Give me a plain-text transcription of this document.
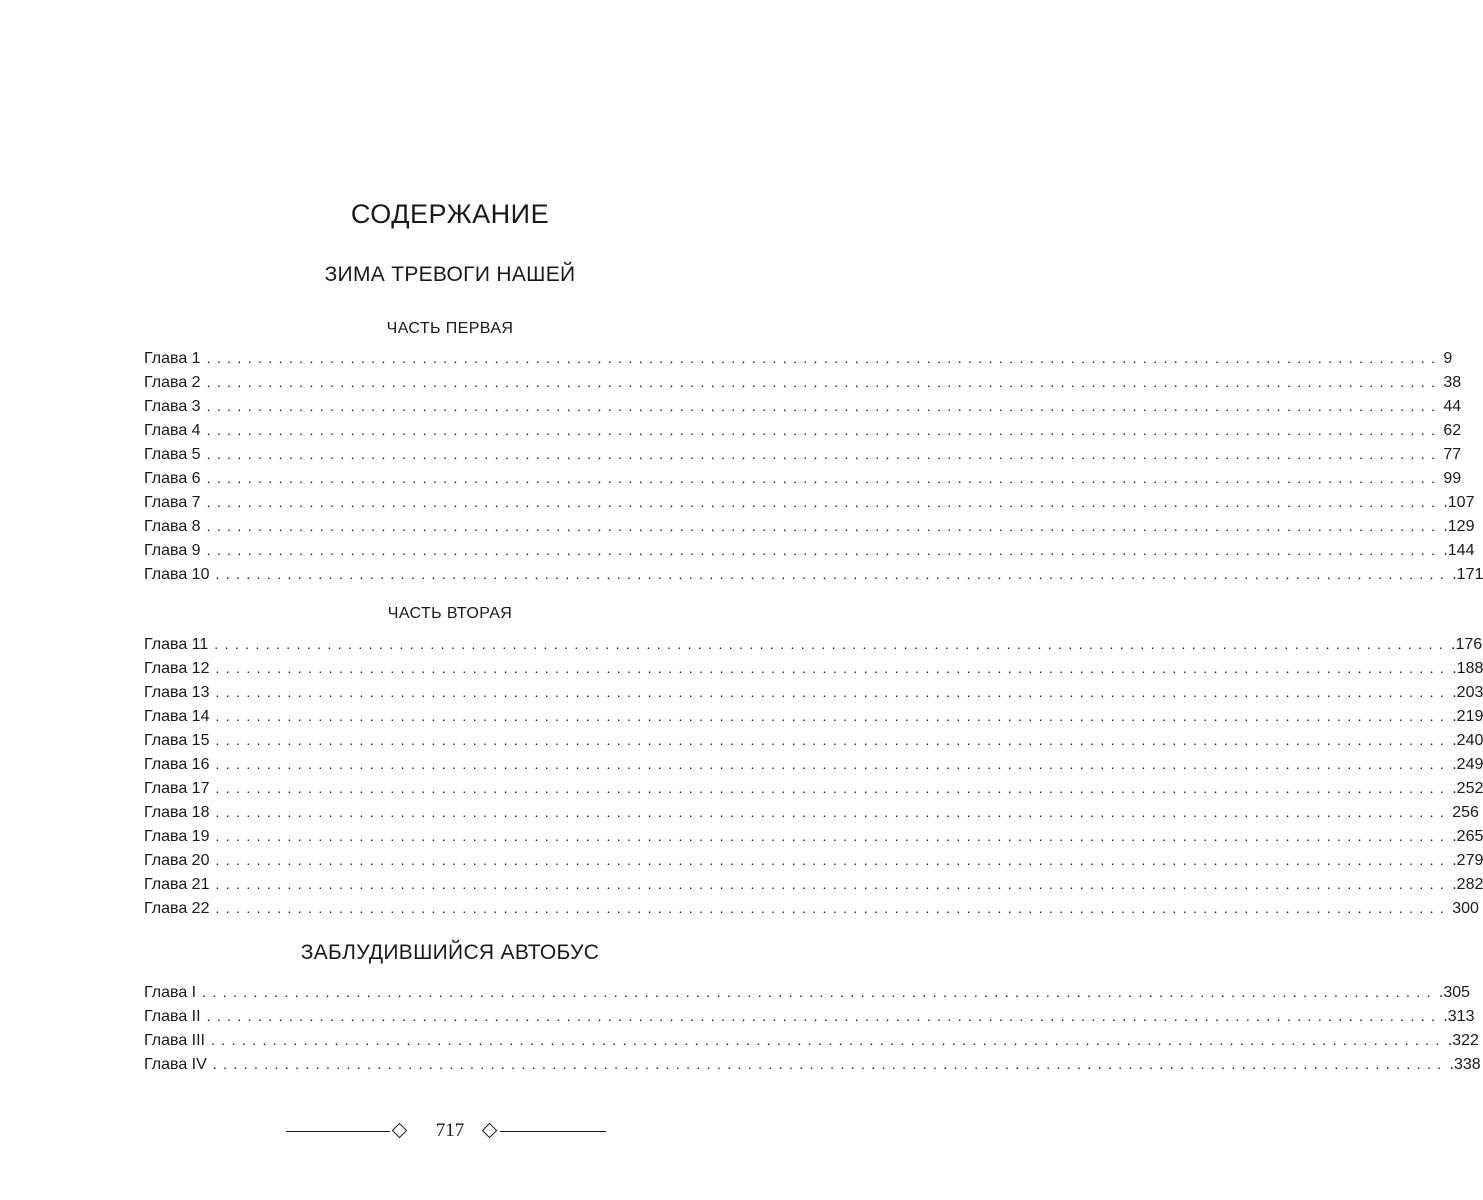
СОДЕРЖАНИЕ
ЗИМА ТРЕВОГИ НАШЕЙ
ЧАСТЬ ПЕРВАЯ
Глава 1 ........................................................................................................................ 9
Глава 2 ........................................................................................................................ 38
Глава 3 ........................................................................................................................ 44
Глава 4 ........................................................................................................................ 62
Глава 5 ........................................................................................................................ 77
Глава 6 ........................................................................................................................ 99
Глава 7 ........................................................................................................................ .107
Глава 8 ........................................................................................................................ .129
Глава 9 ........................................................................................................................ .144
Глава 10 ........................................................................................................................ .171
ЧАСТЬ ВТОРАЯ
Глава 11 ........................................................................................................................ .176
Глава 12 ........................................................................................................................ .188
Глава 13 ........................................................................................................................ .203
Глава 14 ........................................................................................................................ .219
Глава 15 ........................................................................................................................ .240
Глава 16 ........................................................................................................................ .249
Глава 17 ........................................................................................................................ .252
Глава 18 ........................................................................................................................ 256
Глава 19 ........................................................................................................................ .265
Глава 20 ........................................................................................................................ .279
Глава 21 ........................................................................................................................ .282
Глава 22 ........................................................................................................................ 300
ЗАБЛУДИВШИЙСЯ АВТОБУС
Глава I ........................................................................................................................ .305
Глава II ........................................................................................................................ .313
Глава III ........................................................................................................................ .322
Глава IV ........................................................................................................................ .338
717
